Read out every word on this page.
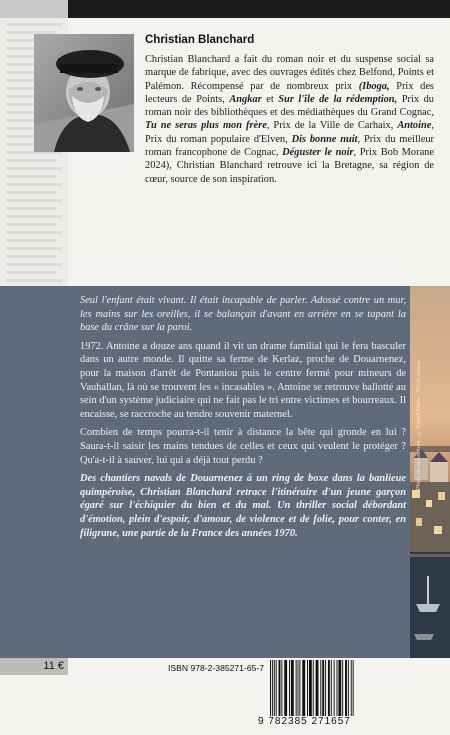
Christian Blanchard
Christian Blanchard a fait du roman noir et du suspense social sa marque de fabrique, avec des ouvrages édités chez Belfond, Points et Palémon. Récompensé par de nombreux prix (Iboga, Prix des lecteurs de Points, Angkar et Sur l'île de la rédemption, Prix du roman noir des bibliothèques et des médiathèques du Grand Cognac, Tu ne seras plus mon frère, Prix de la Ville de Carhaix, Antoine, Prix du roman populaire d'Elven, Dis bonne nuit, Prix du meilleur roman francophone de Cognac, Déguster le noir, Prix Bob Morane 2024), Christian Blanchard retrouve ici la Bretagne, sa région de cœur, source de son inspiration.

Seul l'enfant était vivant. Il était incapable de parler. Adossé contre un mur, les mains sur les oreilles, il se balançait d'avant en arrière en se tapant la base du crâne sur la paroi.

1972. Antoine a douze ans quand il vit un drame familial qui le fera basculer dans un autre monde. Il quitte sa ferme de Kerlaz, proche de Douarnenez, pour la maison d'arrêt de Pontaniou puis le centre fermé pour mineurs de Vauhallan, là où se trouvent les « incasables ». Antoine se retrouve ballotté au sein d'un système judiciaire qui ne fait pas le tri entre victimes et bourreaux. Il encaisse, se raccroche au tendre souvenir maternel.

Combien de temps pourra-t-il tenir à distance la bête qui gronde en lui ? Saura-t-il saisir les mains tendues de celles et ceux qui veulent le protéger ? Qu'a-t-il à sauver, lui qui a déjà tout perdu ?

Des chantiers navals de Douarnenez à un ring de boxe dans la banlieue quimpéroise, Christian Blanchard retrace l'itinéraire d'un jeune garçon égaré sur l'échiquier du bien et du mal. Un thriller social débordant d'émotion, plein d'espoir, d'amour, de violence et de folie, pour conter, en filigrane, une partie de la France des années 1970.

Photo de couverture : © Benoît Marie · Photo auteur
11 €	ISBN 978-2-385271-65-7
9 782385 271657
